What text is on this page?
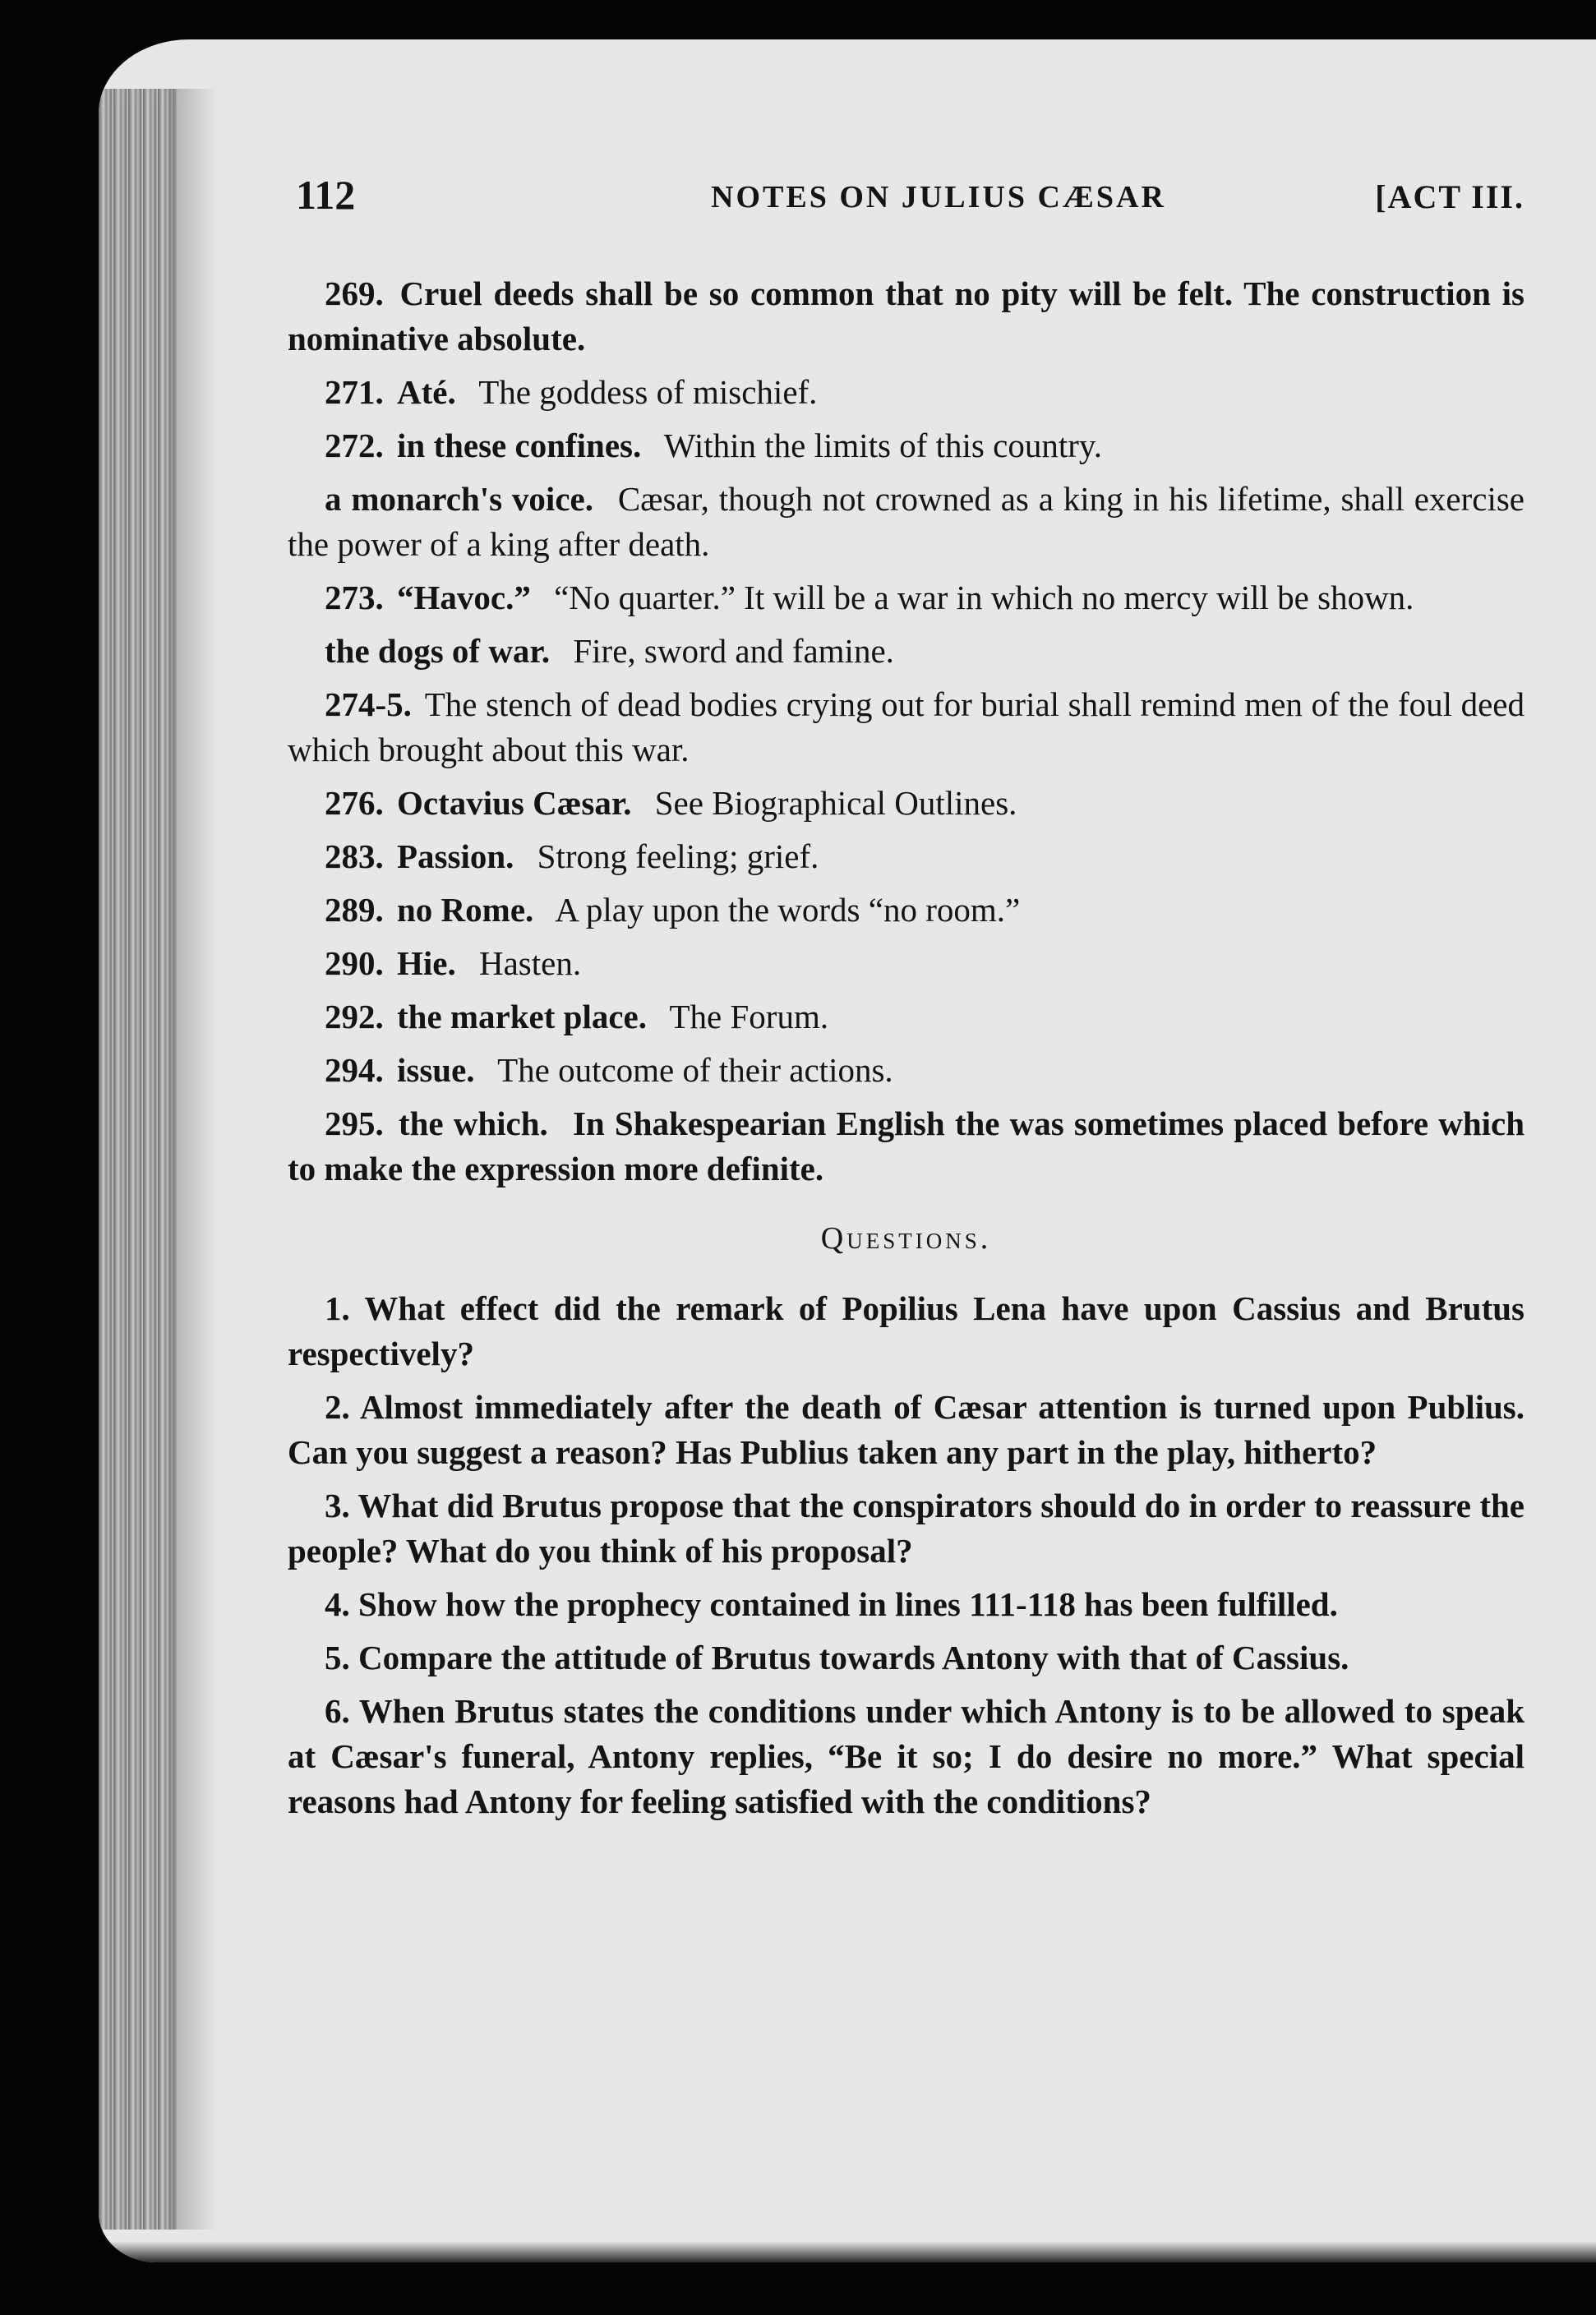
112	NOTES ON JULIUS CÆSAR	[ACT III.

269. Cruel deeds shall be so common that no pity will be felt. The construction is nominative absolute.

271. Até. The goddess of mischief.

272. in these confines. Within the limits of this country.

a monarch's voice. Cæsar, though not crowned as a king in his lifetime, shall exercise the power of a king after death.

273. “Havoc.” “No quarter.” It will be a war in which no mercy will be shown.

the dogs of war. Fire, sword and famine.

274-5. The stench of dead bodies crying out for burial shall remind men of the foul deed which brought about this war.

276. Octavius Cæsar. See Biographical Outlines.

283. Passion. Strong feeling; grief.

289. no Rome. A play upon the words “no room.”

290. Hie. Hasten.

292. the market place. The Forum.

294. issue. The outcome of their actions.

295. the which. In Shakespearian English the was sometimes placed before which to make the expression more definite.

Questions.

1. What effect did the remark of Popilius Lena have upon Cassius and Brutus respectively?

2. Almost immediately after the death of Cæsar attention is turned upon Publius. Can you suggest a reason? Has Publius taken any part in the play, hitherto?

3. What did Brutus propose that the conspirators should do in order to reassure the people? What do you think of his proposal?

4. Show how the prophecy contained in lines 111-118 has been fulfilled.

5. Compare the attitude of Brutus towards Antony with that of Cassius.

6. When Brutus states the conditions under which Antony is to be allowed to speak at Cæsar's funeral, Antony replies, “Be it so; I do desire no more.” What special reasons had Antony for feeling satisfied with the conditions?
